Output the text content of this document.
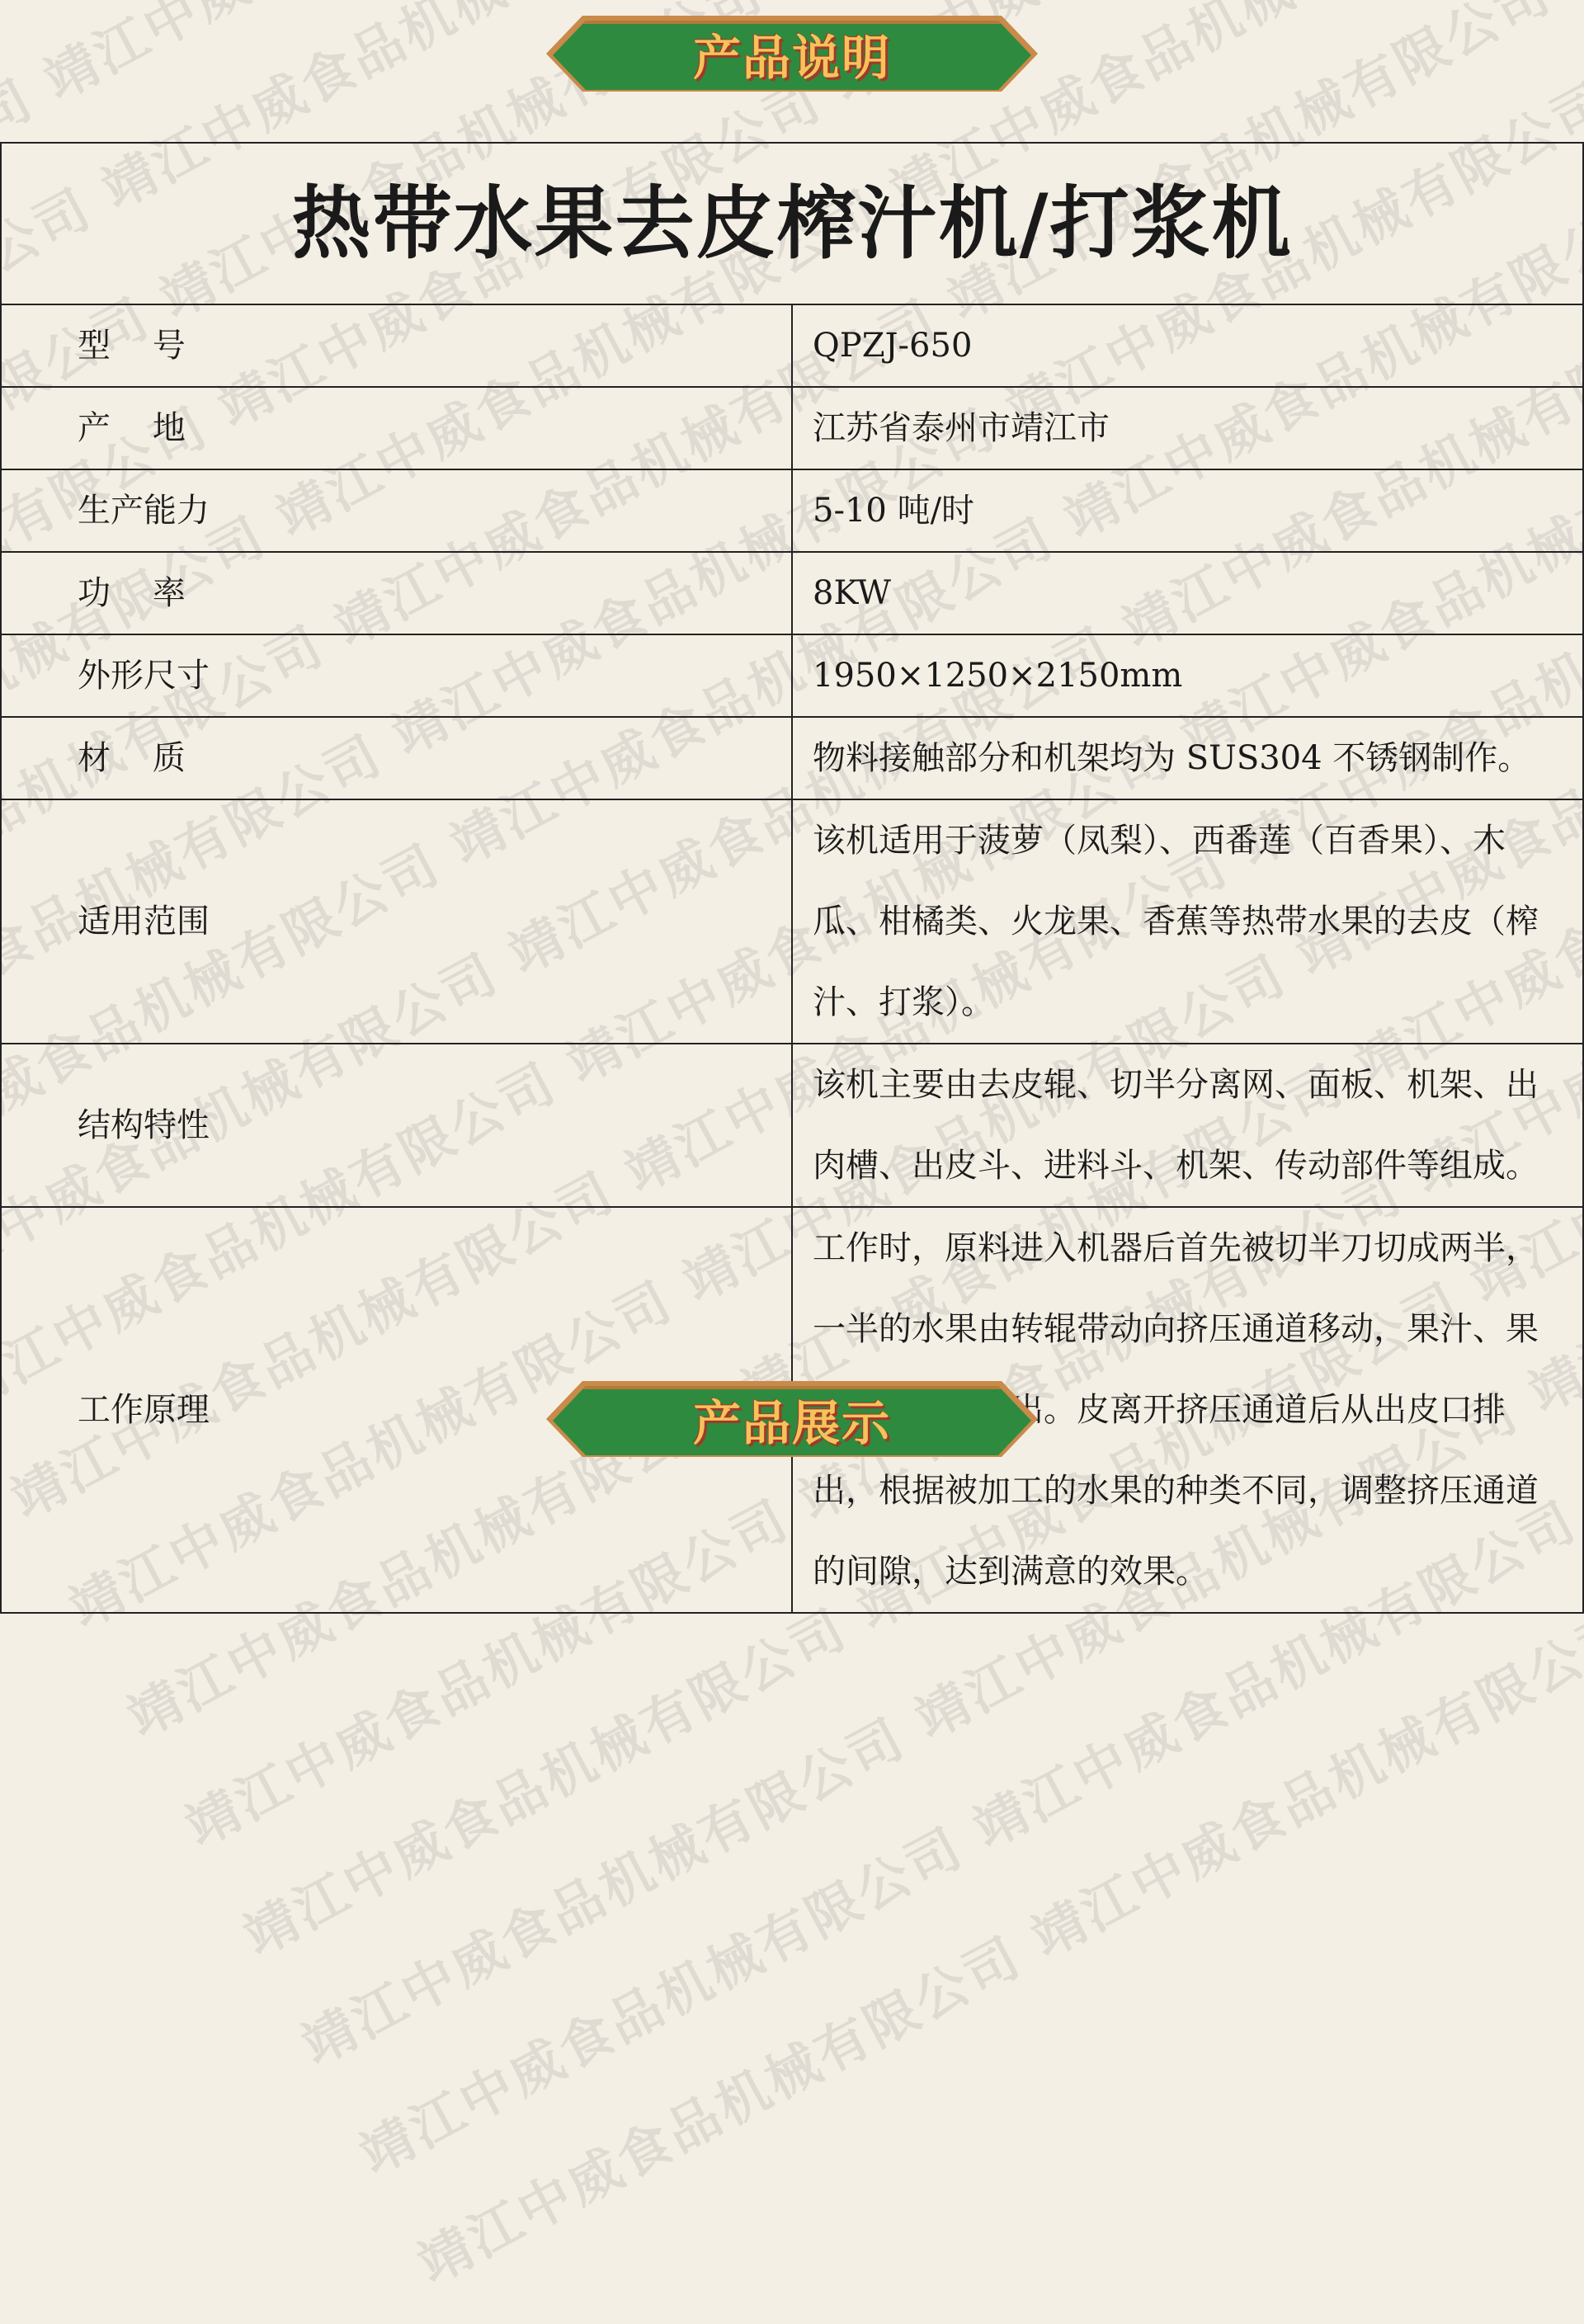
靖江中威食品机械有限公司 靖江中威食品机械有限公司 靖江中威食品机械有限公司
靖江中威食品机械有限公司 靖江中威食品机械有限公司 靖江中威食品机械有限公司
靖江中威食品机械有限公司 靖江中威食品机械有限公司 靖江中威食品机械有限公司
靖江中威食品机械有限公司 靖江中威食品机械有限公司 靖江中威食品机械有限公司
靖江中威食品机械有限公司 靖江中威食品机械有限公司 靖江中威食品机械有限公司
靖江中威食品机械有限公司 靖江中威食品机械有限公司 靖江中威食品机械有限公司
靖江中威食品机械有限公司 靖江中威食品机械有限公司 靖江中威食品机械有限公司
靖江中威食品机械有限公司 靖江中威食品机械有限公司 靖江中威食品机械有限公司
靖江中威食品机械有限公司 靖江中威食品机械有限公司 靖江中威食品机械有限公司
靖江中威食品机械有限公司 靖江中威食品机械有限公司 靖江中威食品机械有限公司
靖江中威食品机械有限公司 靖江中威食品机械有限公司 靖江中威食品机械有限公司
靖江中威食品机械有限公司 靖江中威食品机械有限公司 靖江中威食品机械有限公司
靖江中威食品机械有限公司 靖江中威食品机械有限公司 靖江中威食品机械有限公司
靖江中威食品机械有限公司 靖江中威食品机械有限公司
产品说明
热带水果去皮榨汁机/打浆机
型    号	QPZJ-650
产    地	江苏省泰州市靖江市
生产能力	5-10 吨/时
功    率	8KW
外形尺寸	1950×1250×2150mm
材    质	物料接触部分和机架均为 SUS304 不锈钢制作。
适用范围	该机适用于菠萝（凤梨）、西番莲（百香果）、木瓜、柑橘类、火龙果、香蕉等热带水果的去皮（榨汁、打浆）。
结构特性	该机主要由去皮辊、切半分离网、面板、机架、出肉槽、出皮斗、进料斗、机架、传动部件等组成。
工作原理	工作时，原料进入机器后首先被切半刀切成两半，一半的水果由转辊带动向挤压通道移动，果汁、果肉通过筛网排出。皮离开挤压通道后从出皮口排出，根据被加工的水果的种类不同，调整挤压通道的间隙，达到满意的效果。
产品展示
